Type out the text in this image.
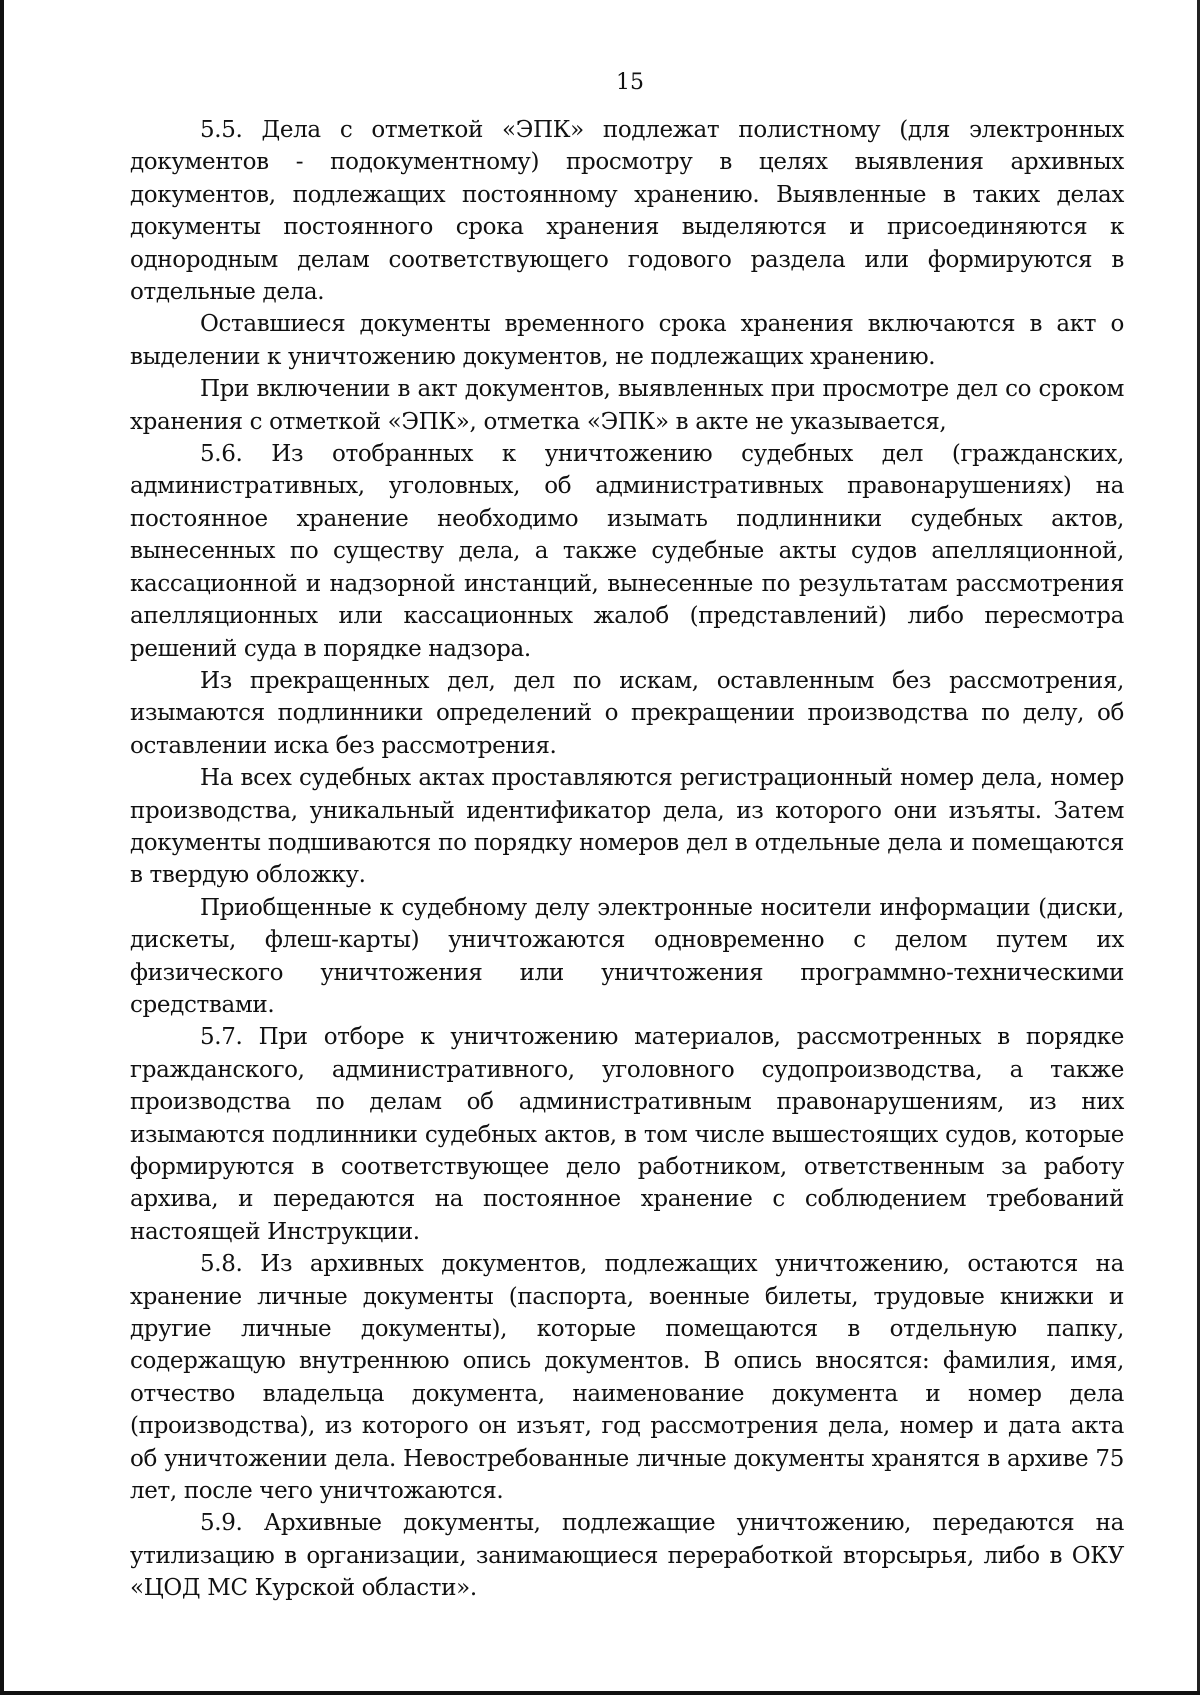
15

5.5. Дела с отметкой «ЭПК» подлежат полистному (для электронных документов - подокументному) просмотру в целях выявления архивных документов, подлежащих постоянному хранению. Выявленные в таких делах документы постоянного срока хранения выделяются и присоединяются к однородным делам соответствующего годового раздела или формируются в отдельные дела.

Оставшиеся документы временного срока хранения включаются в акт о выделении к уничтожению документов, не подлежащих хранению.

При включении в акт документов, выявленных при просмотре дел со сроком хранения с отметкой «ЭПК», отметка «ЭПК» в акте не указывается,

5.6. Из отобранных к уничтожению судебных дел (гражданских, административных, уголовных, об административных правонарушениях) на постоянное хранение необходимо изымать подлинники судебных актов, вынесенных по существу дела, а также судебные акты судов апелляционной, кассационной и надзорной инстанций, вынесенные по результатам рассмотрения апелляционных или кассационных жалоб (представлений) либо пересмотра решений суда в порядке надзора.

Из прекращенных дел, дел по искам, оставленным без рассмотрения, изымаются подлинники определений о прекращении производства по делу, об оставлении иска без рассмотрения.

На всех судебных актах проставляются регистрационный номер дела, номер производства, уникальный идентификатор дела, из которого они изъяты. Затем документы подшиваются по порядку номеров дел в отдельные дела и помещаются в твердую обложку.

Приобщенные к судебному делу электронные носители информации (диски, дискеты, флеш-карты) уничтожаются одновременно с делом путем их физического уничтожения или уничтожения программно-техническими средствами.

5.7. При отборе к уничтожению материалов, рассмотренных в порядке гражданского, административного, уголовного судопроизводства, а также производства по делам об административным правонарушениям, из них изымаются подлинники судебных актов, в том числе вышестоящих судов, которые формируются в соответствующее дело работником, ответственным за работу архива, и передаются на постоянное хранение с соблюдением требований настоящей Инструкции.

5.8. Из архивных документов, подлежащих уничтожению, остаются на хранение личные документы (паспорта, военные билеты, трудовые книжки и другие личные документы), которые помещаются в отдельную папку, содержащую внутреннюю опись документов. В опись вносятся: фамилия, имя, отчество владельца документа, наименование документа и номер дела (производства), из которого он изъят, год рассмотрения дела, номер и дата акта об уничтожении дела. Невостребованные личные документы хранятся в архиве 75 лет, после чего уничтожаются.

5.9. Архивные документы, подлежащие уничтожению, передаются на утилизацию в организации, занимающиеся переработкой вторсырья, либо в ОКУ «ЦОД МС Курской области».
